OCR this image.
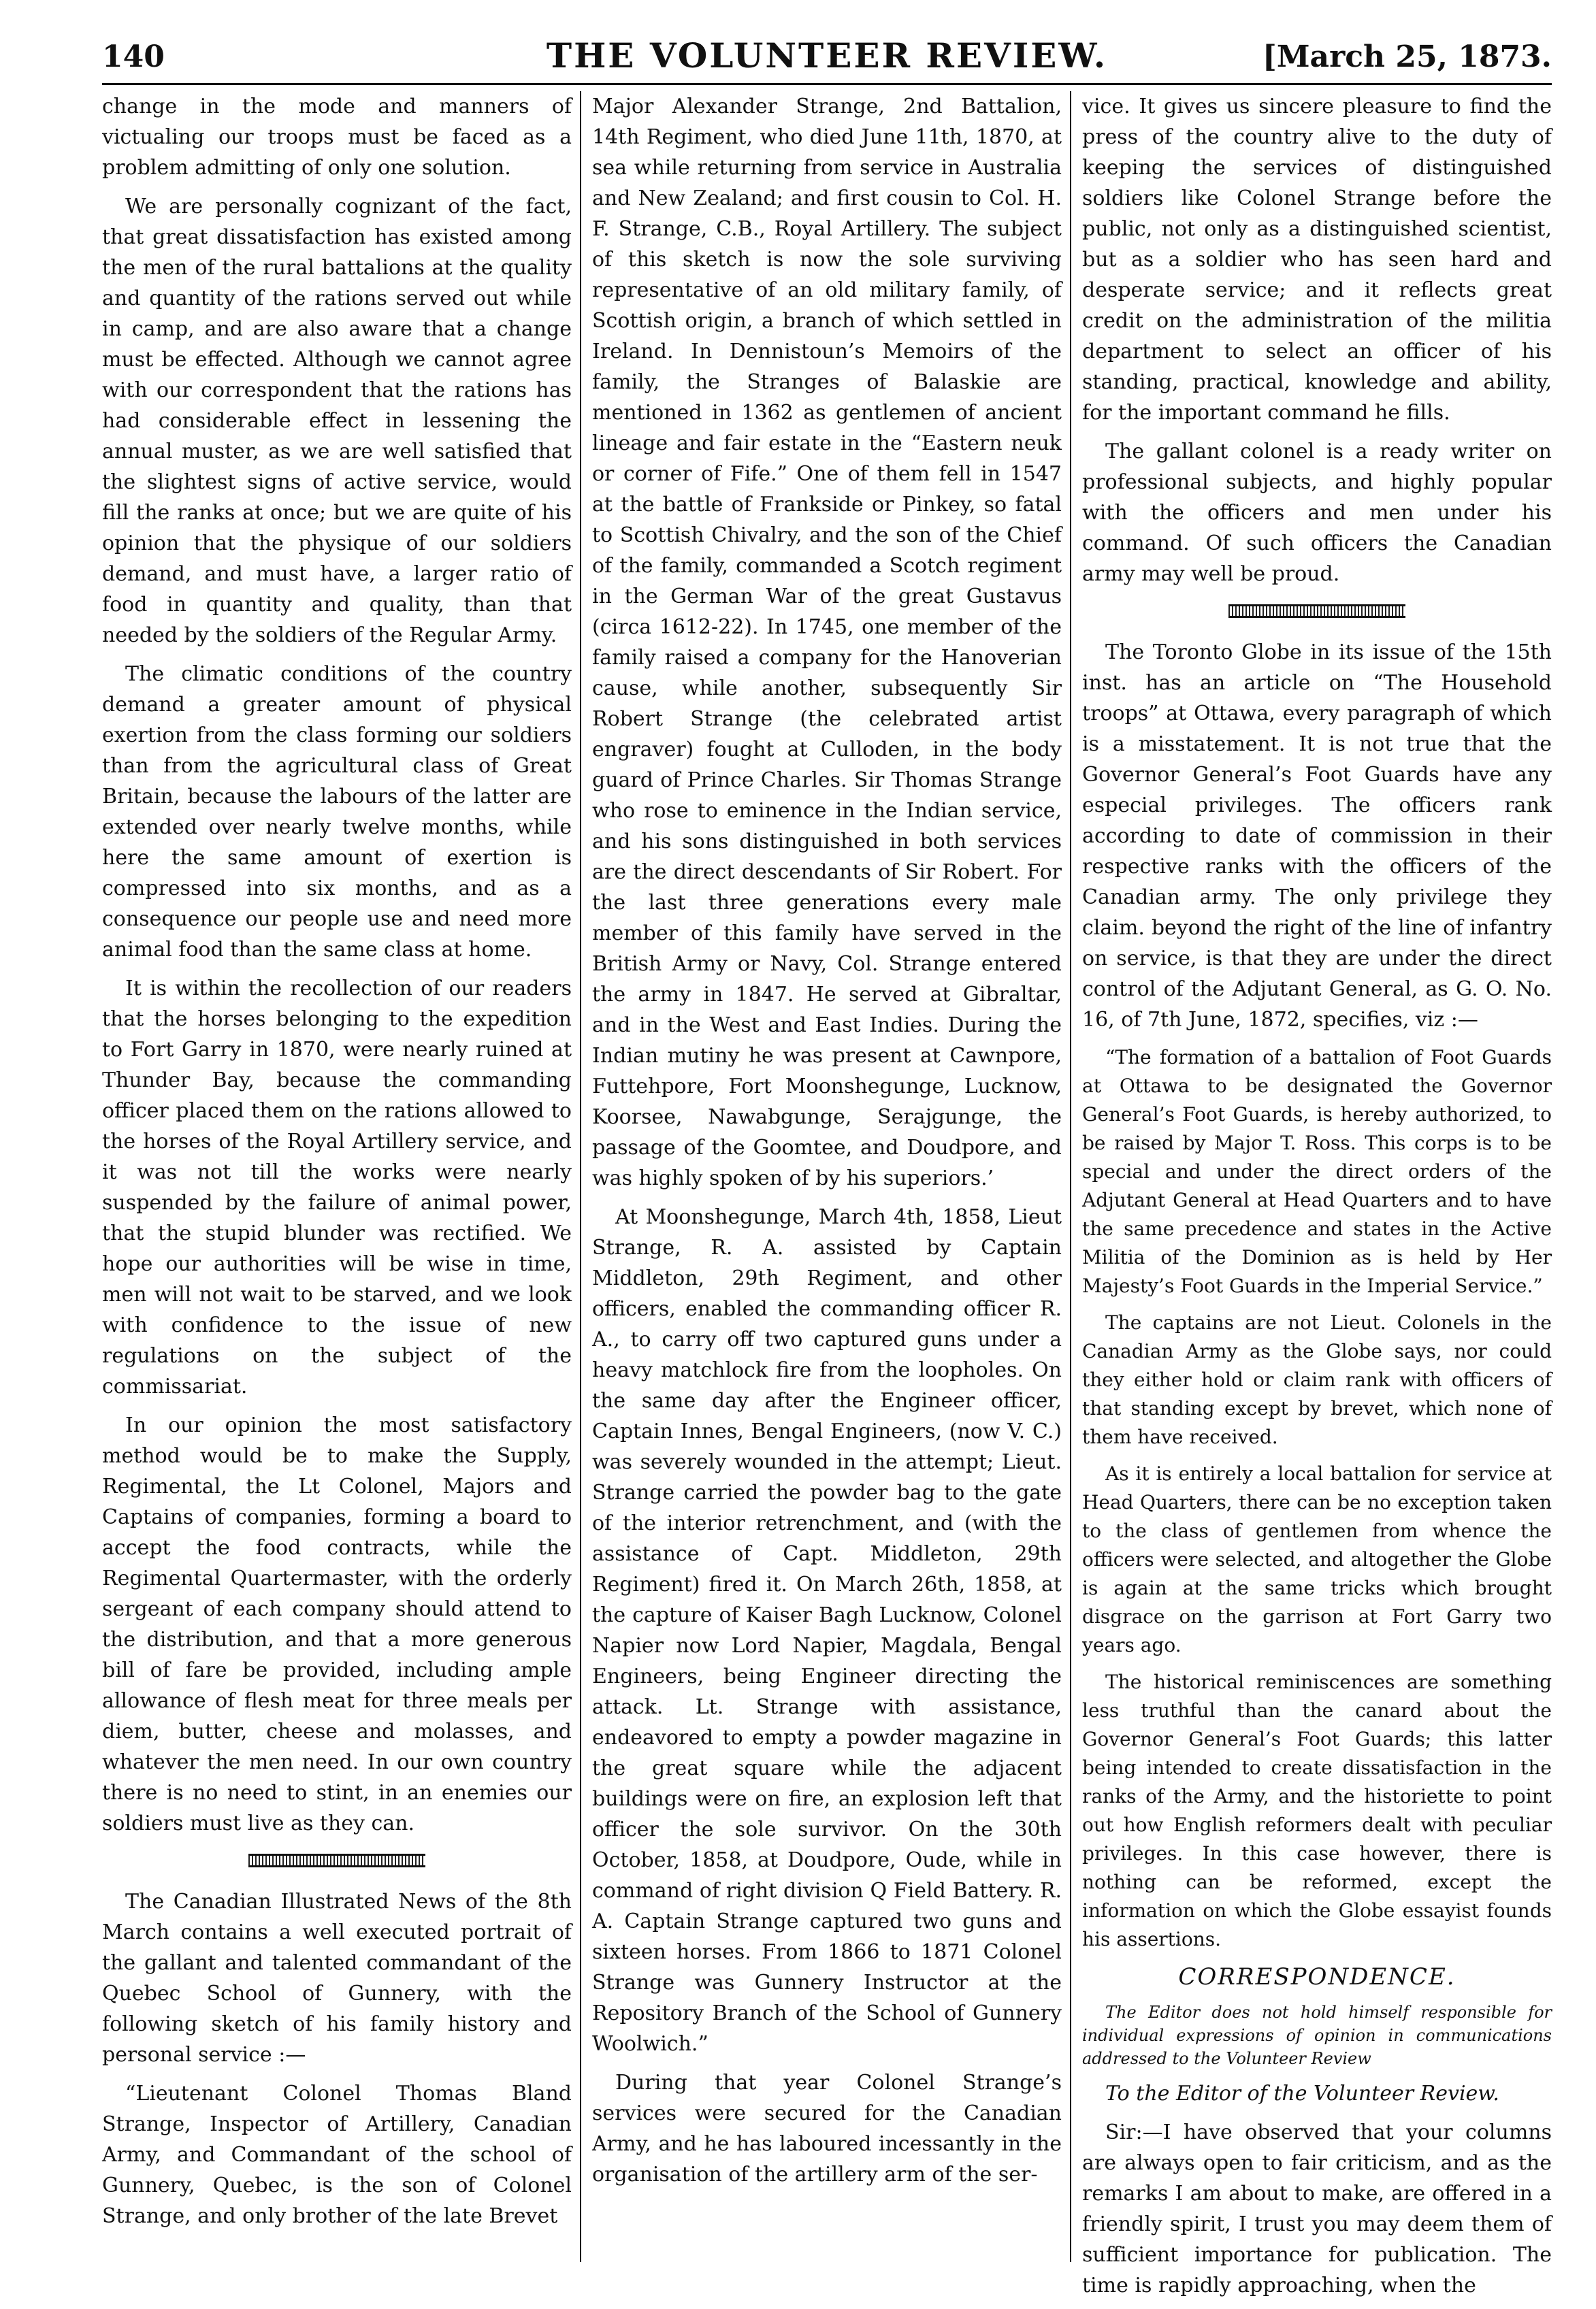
140	THE VOLUNTEER REVIEW.	[March 25, 1873.

change in the mode and manners of victualing our troops must be faced as a problem admitting of only one solution.

We are personally cognizant of the fact, that great dissatisfaction has existed among the men of the rural battalions at the quality and quantity of the rations served out while in camp, and are also aware that a change must be effected. Although we cannot agree with our correspondent that the rations has had considerable effect in lessening the annual muster, as we are well satisfied that the slightest signs of active service, would fill the ranks at once; but we are quite of his opinion that the physique of our soldiers demand, and must have, a larger ratio of food in quantity and quality, than that needed by the soldiers of the Regular Army.

The climatic conditions of the country demand a greater amount of physical exertion from the class forming our soldiers than from the agricultural class of Great Britain, because the labours of the latter are extended over nearly twelve months, while here the same amount of exertion is compressed into six months, and as a consequence our people use and need more animal food than the same class at home.

It is within the recollection of our readers that the horses belonging to the expedition to Fort Garry in 1870, were nearly ruined at Thunder Bay, because the commanding officer placed them on the rations allowed to the horses of the Royal Artillery service, and it was not till the works were nearly suspended by the failure of animal power, that the stupid blunder was rectified. We hope our authorities will be wise in time, men will not wait to be starved, and we look with confidence to the issue of new regulations on the subject of the commissariat.

In our opinion the most satisfactory method would be to make the Supply, Regimental, the Lt Colonel, Majors and Captains of companies, forming a board to accept the food contracts, while the Regimental Quartermaster, with the orderly sergeant of each company should attend to the distribution, and that a more generous bill of fare be provided, including ample allowance of flesh meat for three meals per diem, butter, cheese and molasses, and whatever the men need. In our own country there is no need to stint, in an enemies our soldiers must live as they can.

The Canadian Illustrated News of the 8th March contains a well executed portrait of the gallant and talented commandant of the Quebec School of Gunnery, with the following sketch of his family history and personal service :—

“Lieutenant Colonel Thomas Bland Strange, Inspector of Artillery, Canadian Army, and Commandant of the school of Gunnery, Quebec, is the son of Colonel Strange, and only brother of the late Brevet

Major Alexander Strange, 2nd Battalion, 14th Regiment, who died June 11th, 1870, at sea while returning from service in Australia and New Zealand; and first cousin to Col. H. F. Strange, C.B., Royal Artillery. The subject of this sketch is now the sole surviving representative of an old military family, of Scottish origin, a branch of which settled in Ireland. In Dennistoun’s Memoirs of the family, the Stranges of Balaskie are mentioned in 1362 as gentlemen of ancient lineage and fair estate in the “Eastern neuk or corner of Fife.” One of them fell in 1547 at the battle of Frankside or Pinkey, so fatal to Scottish Chivalry, and the son of the Chief of the family, commanded a Scotch regiment in the German War of the great Gustavus (circa 1612-22). In 1745, one member of the family raised a company for the Hanoverian cause, while another, subsequently Sir Robert Strange (the celebrated artist engraver) fought at Culloden, in the body guard of Prince Charles. Sir Thomas Strange who rose to eminence in the Indian service, and his sons distinguished in both services are the direct descendants of Sir Robert. For the last three generations every male member of this family have served in the British Army or Navy, Col. Strange entered the army in 1847. He served at Gibraltar, and in the West and East Indies. During the Indian mutiny he was present at Cawnpore, Futtehpore, Fort Moonshegunge, Lucknow, Koorsee, Nawabgunge, Serajgunge, the passage of the Goomtee, and Doudpore, and was highly spoken of by his superiors.’

At Moonshegunge, March 4th, 1858, Lieut Strange, R. A. assisted by Captain Middleton, 29th Regiment, and other officers, enabled the commanding officer R. A., to carry off two captured guns under a heavy matchlock fire from the loopholes. On the same day after the Engineer officer, Captain Innes, Bengal Engineers, (now V. C.) was severely wounded in the attempt; Lieut. Strange carried the powder bag to the gate of the interior retrenchment, and (with the assistance of Capt. Middleton, 29th Regiment) fired it. On March 26th, 1858, at the capture of Kaiser Bagh Lucknow, Colonel Napier now Lord Napier, Magdala, Bengal Engineers, being Engineer directing the attack. Lt. Strange with assistance, endeavored to empty a powder magazine in the great square while the adjacent buildings were on fire, an explosion left that officer the sole survivor. On the 30th October, 1858, at Doudpore, Oude, while in command of right division Q Field Battery. R. A. Captain Strange captured two guns and sixteen horses. From 1866 to 1871 Colonel Strange was Gunnery Instructor at the Repository Branch of the School of Gunnery Woolwich.”

During that year Colonel Strange’s services were secured for the Canadian Army, and he has laboured incessantly in the organisation of the artillery arm of the ser-

vice. It gives us sincere pleasure to find the press of the country alive to the duty of keeping the services of distinguished soldiers like Colonel Strange before the public, not only as a distinguished scientist, but as a soldier who has seen hard and desperate service; and it reflects great credit on the administration of the militia department to select an officer of his standing, practical, knowledge and ability, for the important command he fills.

The gallant colonel is a ready writer on professional subjects, and highly popular with the officers and men under his command. Of such officers the Canadian army may well be proud.

The Toronto Globe in its issue of the 15th inst. has an article on “The Household troops” at Ottawa, every paragraph of which is a misstatement. It is not true that the Governor General’s Foot Guards have any especial privileges. The officers rank according to date of commission in their respective ranks with the officers of the Canadian army. The only privilege they claim. beyond the right of the line of infantry on service, is that they are under the direct control of the Adjutant General, as G. O. No. 16, of 7th June, 1872, specifies, viz :—

“The formation of a battalion of Foot Guards at Ottawa to be designated the Governor General’s Foot Guards, is hereby authorized, to be raised by Major T. Ross. This corps is to be special and under the direct orders of the Adjutant General at Head Quarters and to have the same precedence and states in the Active Militia of the Dominion as is held by Her Majesty’s Foot Guards in the Imperial Service.”

The captains are not Lieut. Colonels in the Canadian Army as the Globe says, nor could they either hold or claim rank with officers of that standing except by brevet, which none of them have received.

As it is entirely a local battalion for service at Head Quarters, there can be no exception taken to the class of gentlemen from whence the officers were selected, and altogether the Globe is again at the same tricks which brought disgrace on the garrison at Fort Garry two years ago.

The historical reminiscences are something less truthful than the canard about the Governor General’s Foot Guards; this latter being intended to create dissatisfaction in the ranks of the Army, and the historiette to point out how English reformers dealt with peculiar privileges. In this case however, there is nothing can be reformed, except the information on which the Globe essayist founds his assertions.

CORRESPONDENCE.

The Editor does not hold himself responsible for individual expressions of opinion in communications addressed to the Volunteer Review

To the Editor of the Volunteer Review.

Sir:—I have observed that your columns are always open to fair criticism, and as the remarks I am about to make, are offered in a friendly spirit, I trust you may deem them of sufficient importance for publication. The time is rapidly approaching, when the
